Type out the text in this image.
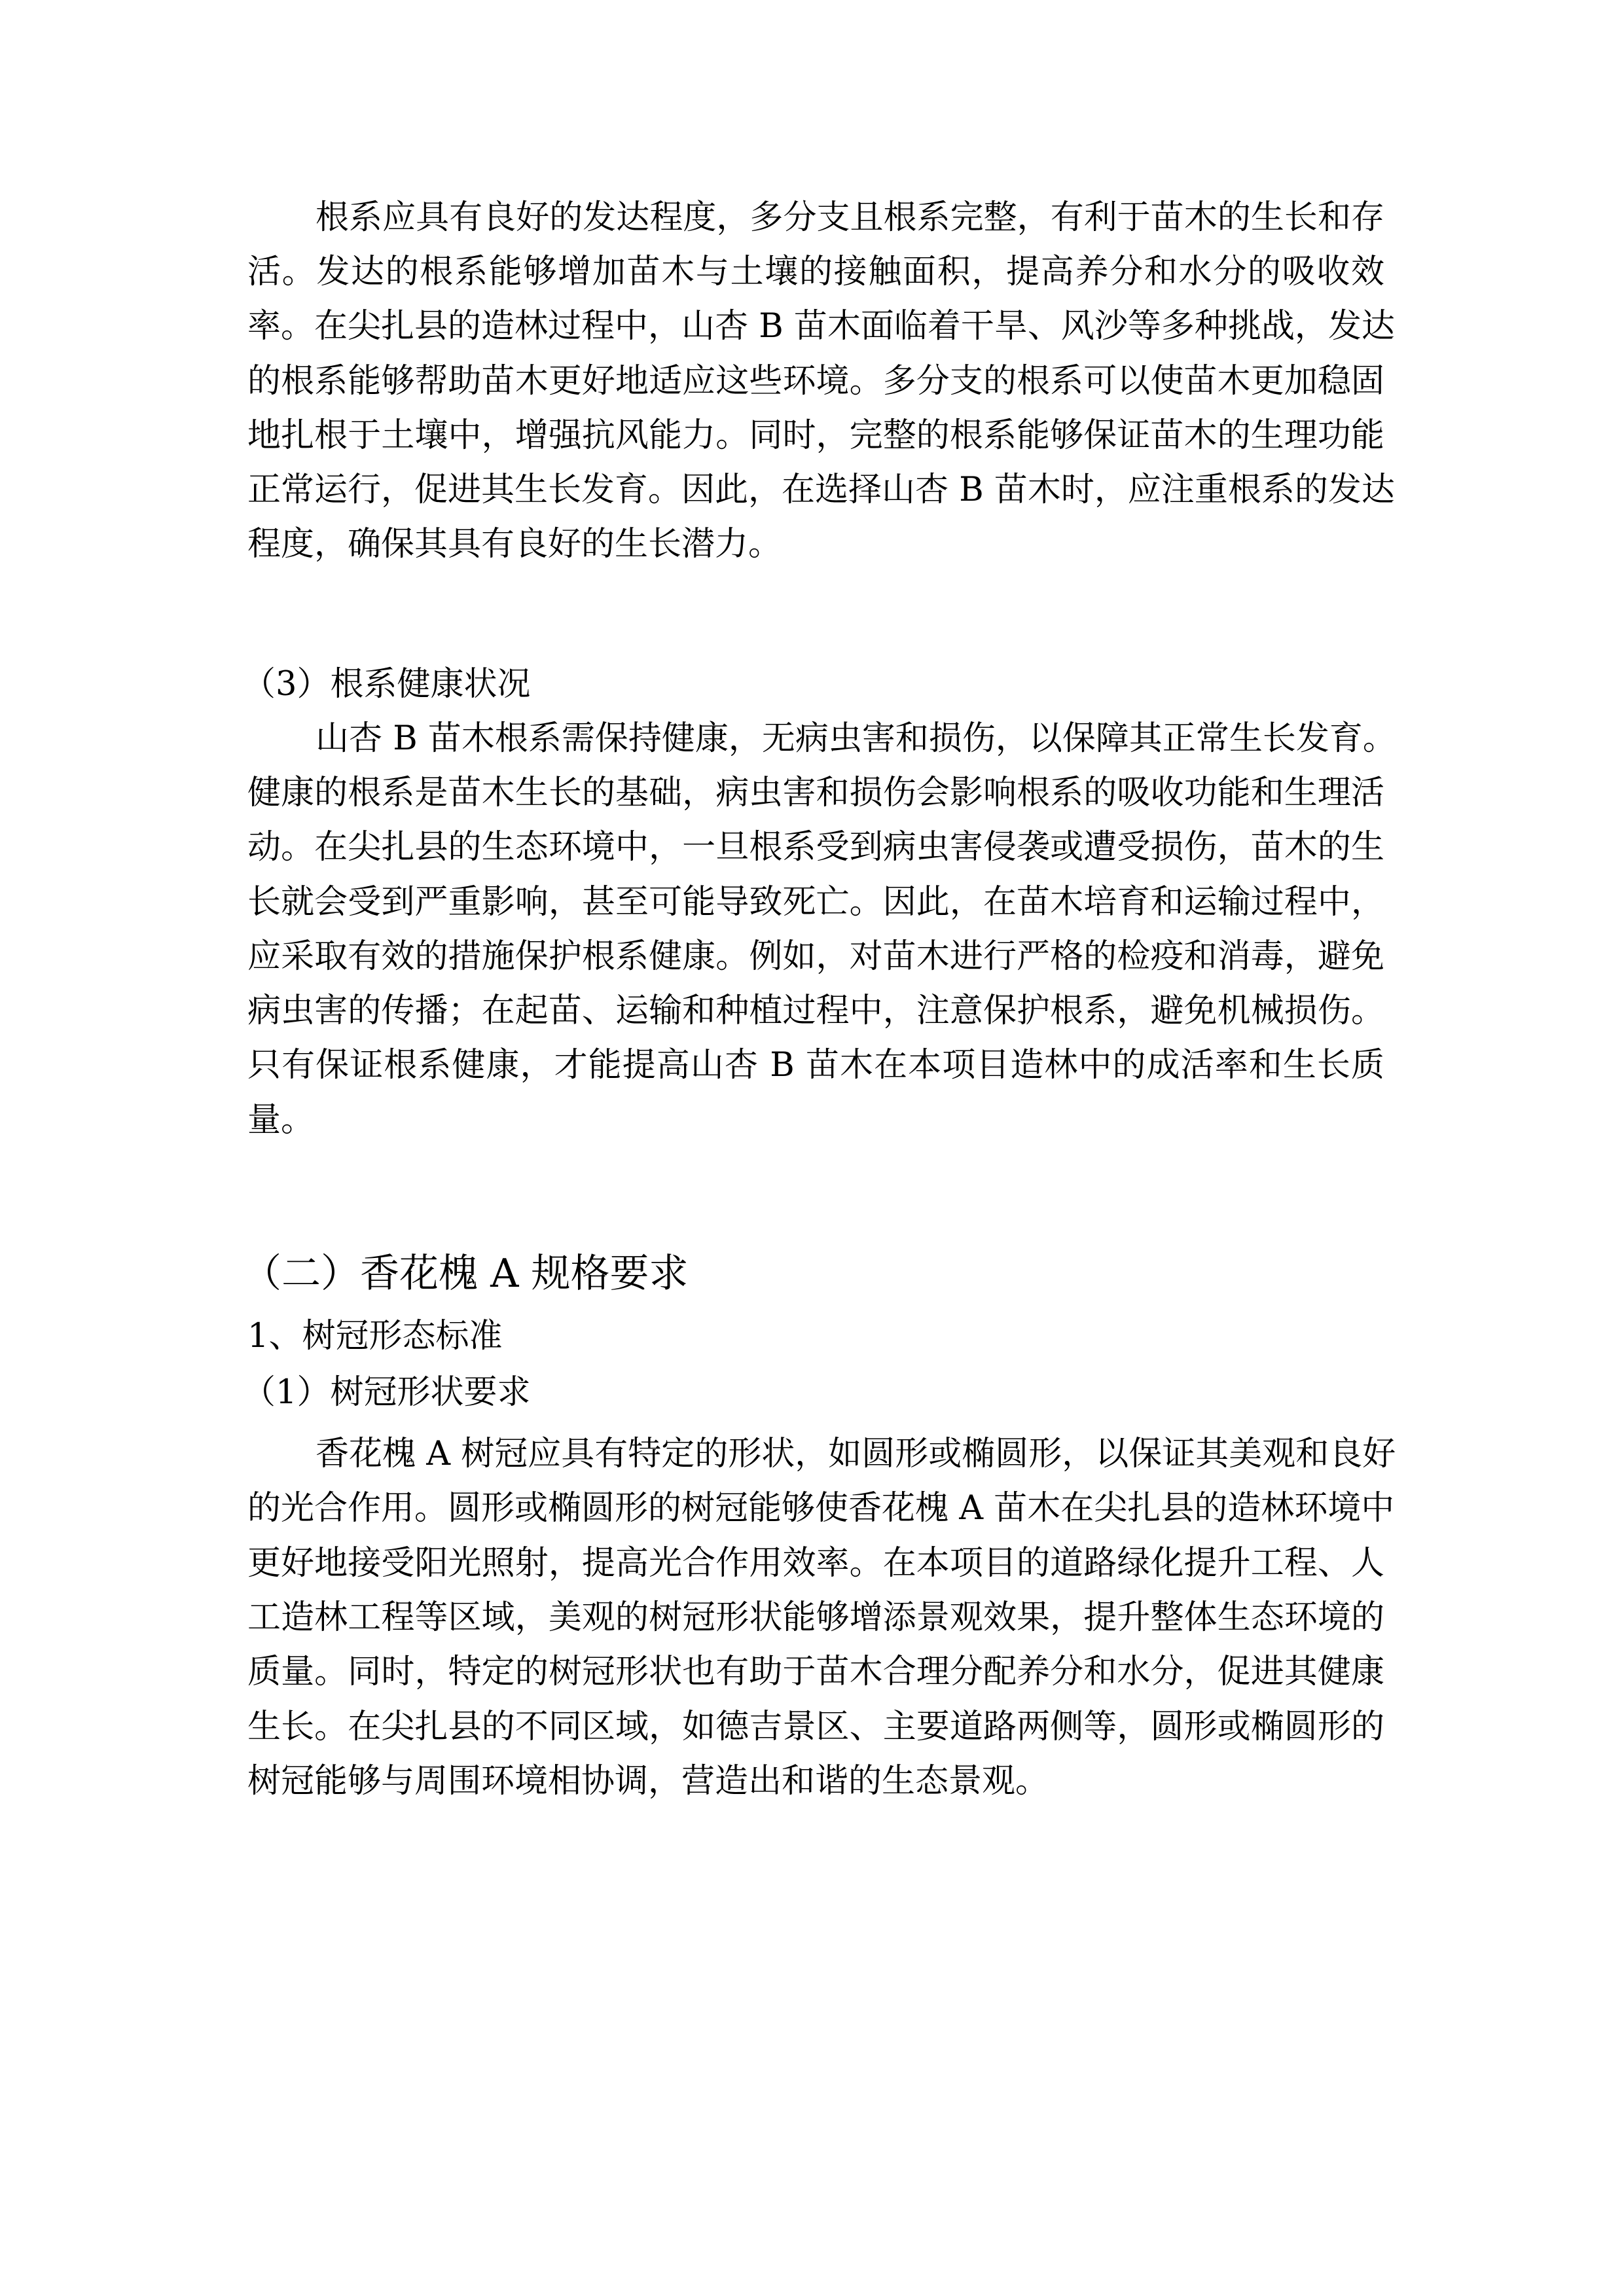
根系应具有良好的发达程度，多分支且根系完整，有利于苗木的生长和存
活。发达的根系能够增加苗木与土壤的接触面积，提高养分和水分的吸收效
率。在尖扎县的造林过程中，山杏 B 苗木面临着干旱、风沙等多种挑战，发达
的根系能够帮助苗木更好地适应这些环境。多分支的根系可以使苗木更加稳固
地扎根于土壤中，增强抗风能力。同时，完整的根系能够保证苗木的生理功能
正常运行，促进其生长发育。因此，在选择山杏 B 苗木时，应注重根系的发达
程度，确保其具有良好的生长潜力。
（3）根系健康状况
山杏 B 苗木根系需保持健康，无病虫害和损伤，以保障其正常生长发育。
健康的根系是苗木生长的基础，病虫害和损伤会影响根系的吸收功能和生理活
动。在尖扎县的生态环境中，一旦根系受到病虫害侵袭或遭受损伤，苗木的生
长就会受到严重影响，甚至可能导致死亡。因此，在苗木培育和运输过程中，
应采取有效的措施保护根系健康。例如，对苗木进行严格的检疫和消毒，避免
病虫害的传播；在起苗、运输和种植过程中，注意保护根系，避免机械损伤。
只有保证根系健康，才能提高山杏 B 苗木在本项目造林中的成活率和生长质
量。
（二）香花槐 A 规格要求
1、树冠形态标准
（1）树冠形状要求
香花槐 A 树冠应具有特定的形状，如圆形或椭圆形，以保证其美观和良好
的光合作用。圆形或椭圆形的树冠能够使香花槐 A 苗木在尖扎县的造林环境中
更好地接受阳光照射，提高光合作用效率。在本项目的道路绿化提升工程、人
工造林工程等区域，美观的树冠形状能够增添景观效果，提升整体生态环境的
质量。同时，特定的树冠形状也有助于苗木合理分配养分和水分，促进其健康
生长。在尖扎县的不同区域，如德吉景区、主要道路两侧等，圆形或椭圆形的
树冠能够与周围环境相协调，营造出和谐的生态景观。
